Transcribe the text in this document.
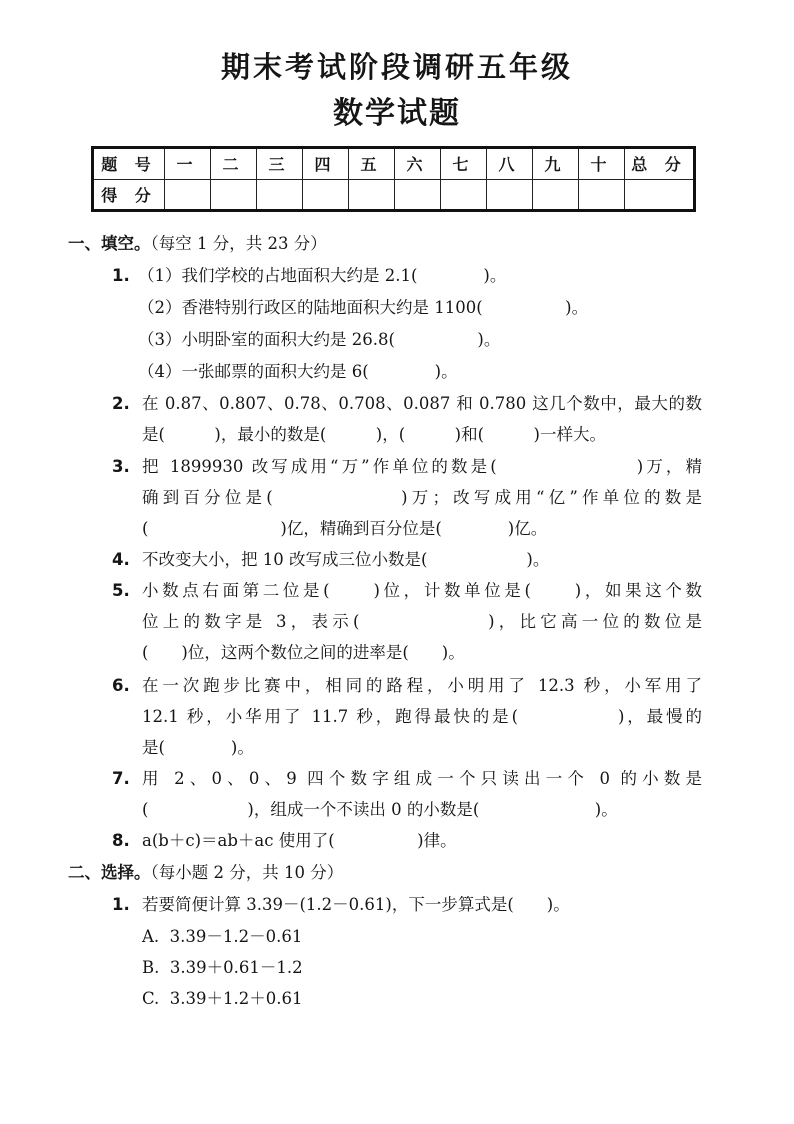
期末考试阶段调研五年级
数学试题
题 号	一	二	三	四	五	六	七	八	九	十	总 分
得 分											
一、填空。（每空 1 分，共 23 分）
1. （1）我们学校的占地面积大约是 2.1(　　　　)。
（2）香港特别行政区的陆地面积大约是 1100(　　　　　)。
（3）小明卧室的面积大约是 26.8(　　　　　)。
（4）一张邮票的面积大约是 6(　　　　)。
2. 在 0.87、0.807、0.78、0.708、0.087 和 0.780 这几个数中，最大的数
是(　　　)，最小的数是(　　　)，(　　　)和(　　　)一样大。
3. 把 1899930 改写成用“万”作单位的数是(　　　　　　　)万，精
确到百分位是(　　　　　　)万；改写成用“亿”作单位的数是
(　　　　　　　　)亿，精确到百分位是(　　　　)亿。
4. 不改变大小，把 10 改写成三位小数是(　　　　　　)。
5. 小数点右面第二位是(　　)位，计数单位是(　　)，如果这个数
位上的数字是 3，表示(　　　　　　)，比它高一位的数位是
(　　)位，这两个数位之间的进率是(　　)。
6. 在一次跑步比赛中，相同的路程，小明用了 12.3 秒，小军用了
12.1 秒，小华用了 11.7 秒，跑得最快的是(　　　　　)，最慢的
是(　　　　)。
7. 用 2、0、0、9 四个数字组成一个只读出一个 0 的小数是
(　　　　　　)，组成一个不读出 0 的小数是(　　　　　　　)。
8. a(b＋c)＝ab＋ac 使用了(　　　　　)律。
二、选择。（每小题 2 分，共 10 分）
1. 若要简便计算 3.39－(1.2－0.61)，下一步算式是(　　)。
A.  3.39－1.2－0.61
B.  3.39＋0.61－1.2
C.  3.39＋1.2＋0.61
